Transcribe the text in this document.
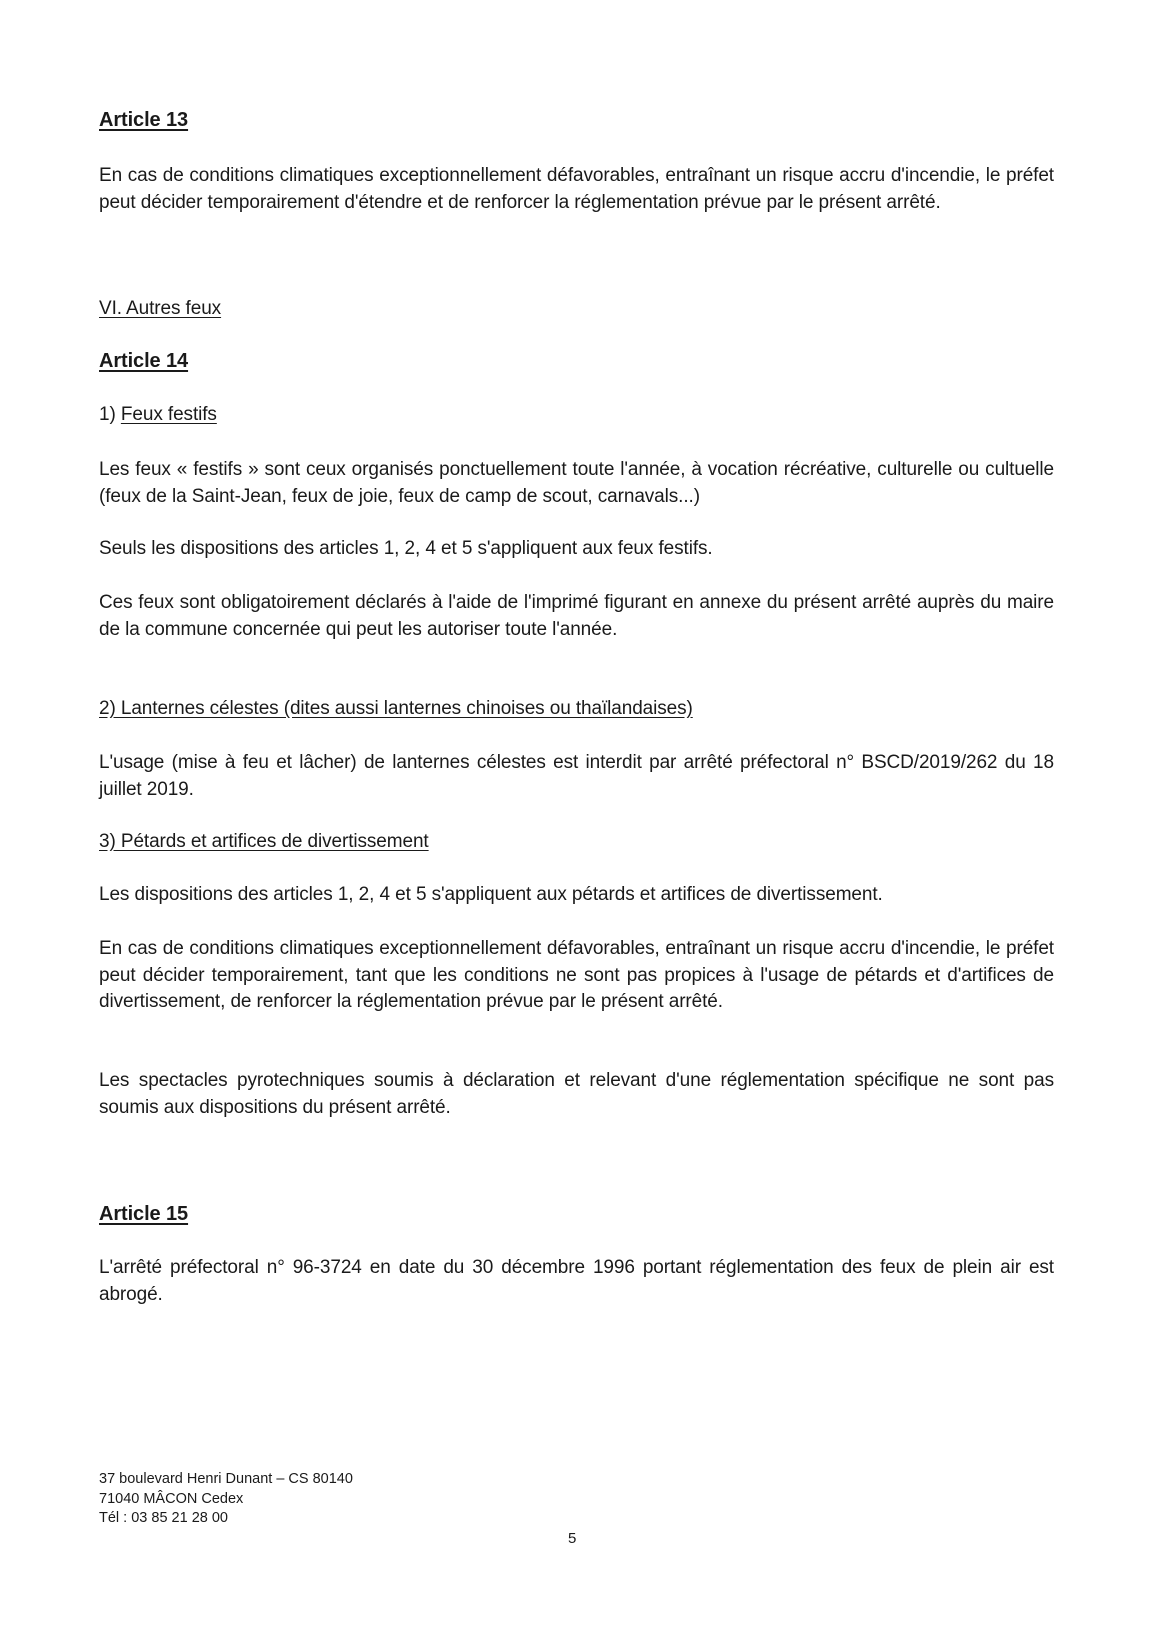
Article 13

En cas de conditions climatiques exceptionnellement défavorables, entraînant un risque accru d'incendie, le préfet peut décider temporairement d'étendre et de renforcer la réglementation prévue par le présent arrêté.

VI. Autres feux

Article 14

1) Feux festifs

Les feux « festifs » sont ceux organisés ponctuellement toute l'année, à vocation récréative, culturelle ou cultuelle (feux de la Saint-Jean, feux de joie, feux de camp de scout, carnavals...)

Seuls les dispositions des articles 1, 2, 4 et 5 s'appliquent aux feux festifs.

Ces feux sont obligatoirement déclarés à l'aide de l'imprimé figurant en annexe du présent arrêté auprès du maire de la commune concernée qui peut les autoriser toute l'année.

2) Lanternes célestes (dites aussi lanternes chinoises ou thaïlandaises)

L'usage (mise à feu et lâcher) de lanternes célestes est interdit par arrêté préfectoral n° BSCD/2019/262 du 18 juillet 2019.

3) Pétards et artifices de divertissement

Les dispositions des articles 1, 2, 4 et 5 s'appliquent aux pétards et artifices de divertissement.

En cas de conditions climatiques exceptionnellement défavorables, entraînant un risque accru d'incendie, le préfet peut décider temporairement, tant que les conditions ne sont pas propices à l'usage de pétards et d'artifices de divertissement, de renforcer la réglementation prévue par le présent arrêté.

Les spectacles pyrotechniques soumis à déclaration et relevant d'une réglementation spécifique ne sont pas soumis aux dispositions du présent arrêté.

Article 15

L'arrêté préfectoral n° 96-3724 en date du 30 décembre 1996 portant réglementation des feux de plein air est abrogé.

37 boulevard Henri Dunant – CS 80140
71040 MÂCON Cedex
Tél : 03 85 21 28 00

5
